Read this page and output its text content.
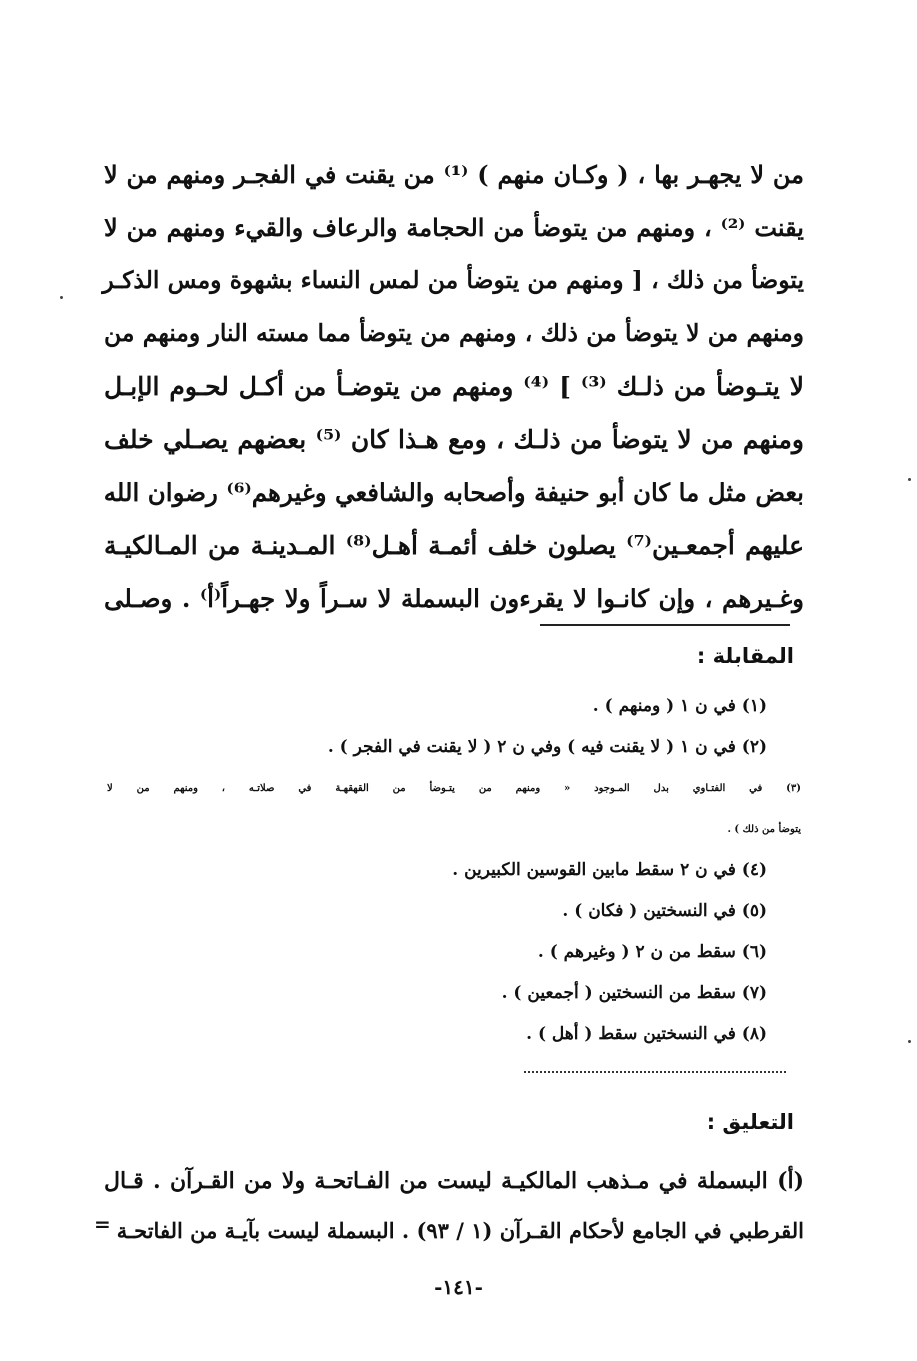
من لا يجهـر بها ، ( وكـان منهم ) ⁽¹⁾ من يقنت في الفجـر ومنهم من لا
يقنت ⁽²⁾ ، ومنهم من يتوضأ من الحجامة والرعاف والقيء ومنهم من لا
يتوضأ من ذلك ، [ ومنهم من يتوضأ من لمس النساء بشهوة ومس الذكـر
ومنهم من لا يتوضأ من ذلك ، ومنهم من يتوضأ مما مسته النار ومنهم من
لا يتـوضأ من ذلـك ⁽³⁾ ] ⁽⁴⁾ ومنهم من يتوضـأ من أكـل لحـوم الإبـل
ومنهم من لا يتوضأ من ذلـك ، ومع هـذا كان ⁽⁵⁾ بعضهم يصـلي خلف
بعض مثل ما كان أبو حنيفة وأصحابه والشافعي وغيرهم⁽⁶⁾ رضوان الله
عليهم أجمعـين⁽⁷⁾ يصلون خلف أئمـة أهـل⁽⁸⁾ المـدينـة من المـالكيـة
وغـيرهم ، وإن كانـوا لا يقرءون البسملة لا سـراً ولا جهـراً⁽أ⁾ . وصـلى
المقابلة :
(١) في ن ١ ( ومنهم ) .
(٢) في ن ١ ( لا يقنت فيه ) وفي ن ٢ ( لا يقنت في الفجر ) .
(٣) في الفتـاوي بدل المـوجود « ومنهم من يتـوضأ من القهقهـة في صلاتـه ، ومنهم من لا
يتوضأ من ذلك ) .
(٤) في ن ٢ سقط مابين القوسين الكبيرين .
(٥) في النسختين ( فكان ) .
(٦) سقط من ن ٢ ( وغيرهم ) .
(٧) سقط من النسختين ( أجمعين ) .
(٨) في النسختين سقط ( أهل ) .
التعليق :
(أ) البسملة في مـذهب المالكيـة ليست من الفـاتحـة ولا من القـرآن . قـال
القرطبي في الجامع لأحكام القـرآن (١ / ٩٣) . البسملة ليست بآيـة من الفاتحـة
=
-١٤١-
